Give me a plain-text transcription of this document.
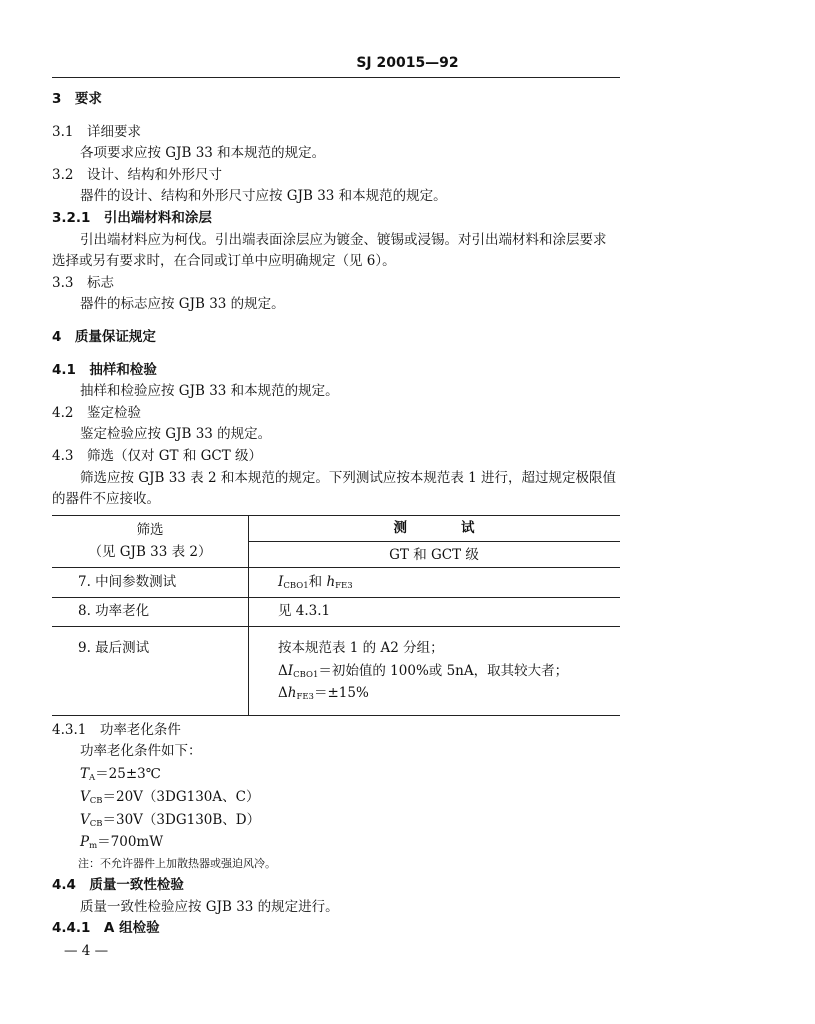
SJ 20015—92
3　要求
3.1　详细要求
各项要求应按 GJB 33 和本规范的规定。
3.2　设计、结构和外形尺寸
器件的设计、结构和外形尺寸应按 GJB 33 和本规范的规定。
3.2.1　引出端材料和涂层
引出端材料应为柯伐。引出端表面涂层应为镀金、镀锡或浸锡。对引出端材料和涂层要求
选择或另有要求时，在合同或订单中应明确规定（见 6）。
3.3　标志
器件的标志应按 GJB 33 的规定。
4　质量保证规定
4.1　抽样和检验
抽样和检验应按 GJB 33 和本规范的规定。
4.2　鉴定检验
鉴定检验应按 GJB 33 的规定。
4.3　筛选（仅对 GT 和 GCT 级）
筛选应按 GJB 33 表 2 和本规范的规定。下列测试应按本规范表 1 进行，超过规定极限值
的器件不应接收。
筛选
（见 GJB 33 表 2）
测　　　　试
GT 和 GCT 级
7. 中间参数测试	$I_{CBO1}$和 $h_{FE3}$
8. 功率老化	见 4.3.1
9. 最后测试	按本规范表 1 的 A2 分组；
$\Delta I_{CBO1}=$初始值的 100%或 5nA，取其较大者；
$\Delta h_{FE3}=\pm 15\%$
4.3.1　功率老化条件
功率老化条件如下：
$T_A=25\pm 3℃$
$V_{CB}=20V(3DG130A$、C）
$V_{CB}=30V(3DG130B$、D）
$P_m=700mW$
注：不允许器件上加散热器或强迫风冷。
4.4　质量一致性检验
质量一致性检验应按 GJB 33 的规定进行。
4.4.1　A 组检验
— 4 —
